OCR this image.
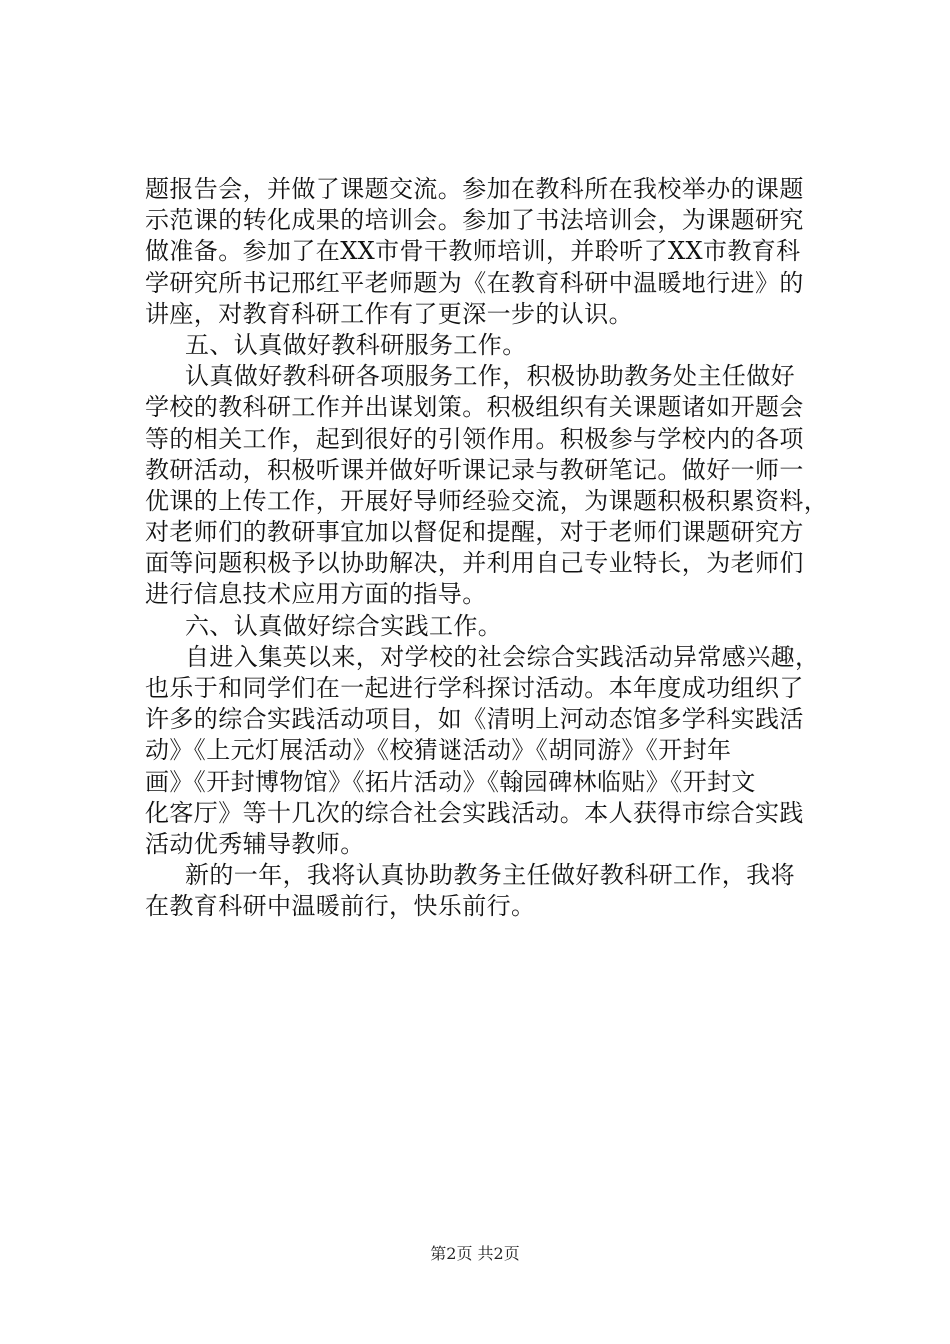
题报告会，并做了课题交流。参加在教科所在我校举办的课题
示范课的转化成果的培训会。参加了书法培训会，为课题研究
做准备。参加了在XX市骨干教师培训，并聆听了XX市教育科
学研究所书记邢红平老师题为《在教育科研中温暖地行进》的
讲座，对教育科研工作有了更深一步的认识。
五、认真做好教科研服务工作。
认真做好教科研各项服务工作，积极协助教务处主任做好
学校的教科研工作并出谋划策。积极组织有关课题诸如开题会
等的相关工作，起到很好的引领作用。积极参与学校内的各项
教研活动，积极听课并做好听课记录与教研笔记。做好一师一
优课的上传工作，开展好导师经验交流，为课题积极积累资料，
对老师们的教研事宜加以督促和提醒，对于老师们课题研究方
面等问题积极予以协助解决，并利用自己专业特长，为老师们
进行信息技术应用方面的指导。
六、认真做好综合实践工作。
自进入集英以来，对学校的社会综合实践活动异常感兴趣，
也乐于和同学们在一起进行学科探讨活动。本年度成功组织了
许多的综合实践活动项目，如《清明上河动态馆多学科实践活
动》《上元灯展活动》《校猜谜活动》《胡同游》《开封年
画》《开封博物馆》《拓片活动》《翰园碑林临贴》《开封文
化客厅》等十几次的综合社会实践活动。本人获得市综合实践
活动优秀辅导教师。
新的一年，我将认真协助教务主任做好教科研工作，我将
在教育科研中温暖前行，快乐前行。
第2页 共2页
